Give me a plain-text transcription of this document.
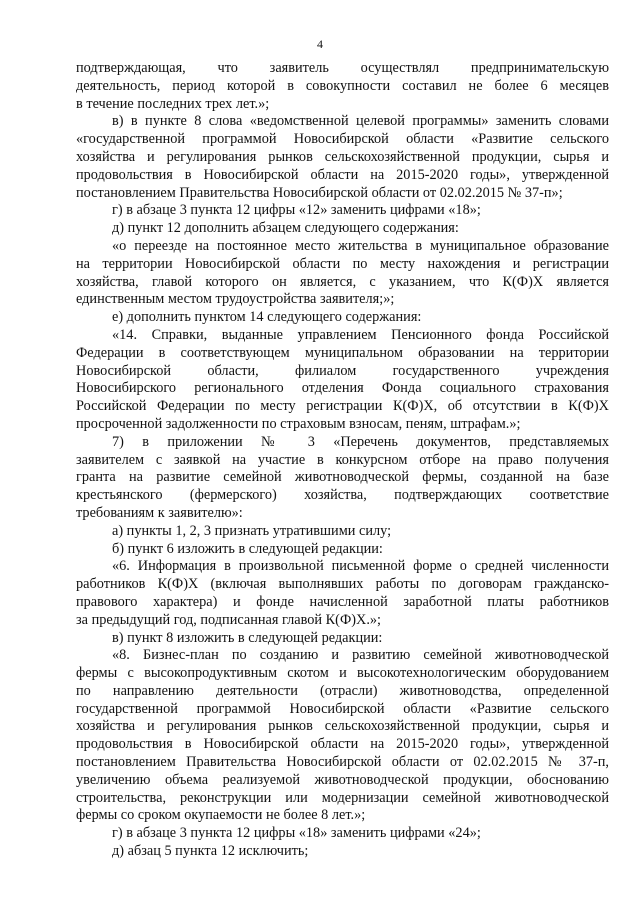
4
подтверждающая, что заявитель осуществлял предпринимательскую
деятельность, период которой в совокупности составил не более 6 месяцев
в течение последних трех лет.»;
в) в пункте 8 слова «ведомственной целевой программы» заменить словами
«государственной программой Новосибирской области «Развитие сельского
хозяйства и регулирования рынков сельскохозяйственной продукции, сырья и
продовольствия в Новосибирской области на 2015-2020 годы», утвержденной
постановлением Правительства Новосибирской области от 02.02.2015 № 37-п»;
г) в абзаце 3 пункта 12 цифры «12» заменить цифрами «18»;
д) пункт 12 дополнить абзацем следующего содержания:
«о переезде на постоянное место жительства в муниципальное образование
на территории Новосибирской области по месту нахождения и регистрации
хозяйства, главой которого он является, с указанием, что К(Ф)Х является
единственным местом трудоустройства заявителя;»;
е) дополнить пунктом 14 следующего содержания:
«14. Справки, выданные управлением Пенсионного фонда Российской
Федерации в соответствующем муниципальном образовании на территории
Новосибирской области, филиалом государственного учреждения
Новосибирского регионального отделения Фонда социального страхования
Российской Федерации по месту регистрации К(Ф)Х, об отсутствии в К(Ф)Х
просроченной задолженности по страховым взносам, пеням, штрафам.»;
7) в приложении № 3 «Перечень документов, представляемых
заявителем с заявкой на участие в конкурсном отборе на право получения
гранта на развитие семейной животноводческой фермы, созданной на базе
крестьянского (фермерского) хозяйства, подтверждающих соответствие
требованиям к заявителю»:
а) пункты 1, 2, 3 признать утратившими силу;
б) пункт 6 изложить в следующей редакции:
«6. Информация в произвольной письменной форме о средней численности
работников К(Ф)Х (включая выполнявших работы по договорам гражданско-
правового характера) и фонде начисленной заработной платы работников
за предыдущий год, подписанная главой К(Ф)Х.»;
в) пункт 8 изложить в следующей редакции:
«8. Бизнес-план по созданию и развитию семейной животноводческой
фермы с высокопродуктивным скотом и высокотехнологическим оборудованием
по направлению деятельности (отрасли) животноводства, определенной
государственной программой Новосибирской области «Развитие сельского
хозяйства и регулирования рынков сельскохозяйственной продукции, сырья и
продовольствия в Новосибирской области на 2015-2020 годы», утвержденной
постановлением Правительства Новосибирской области от 02.02.2015 № 37-п,
увеличению объема реализуемой животноводческой продукции, обоснованию
строительства, реконструкции или модернизации семейной животноводческой
фермы со сроком окупаемости не более 8 лет.»;
г) в абзаце 3 пункта 12 цифры «18» заменить цифрами «24»;
д) абзац 5 пункта 12 исключить;
